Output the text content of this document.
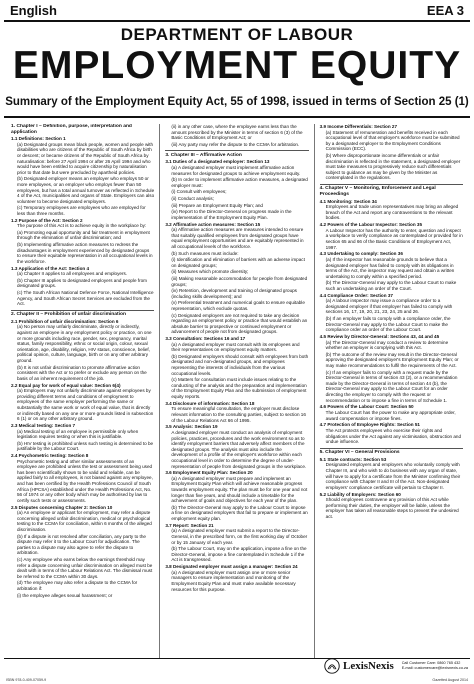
English	EEA 3
DEPARTMENT OF LABOUR
EMPLOYMENT EQUITY
Summary of the Employment Equity Act, 55 of 1998, issued in terms of Section 25 (1)
1. Chapter I – Definition, purpose, interpretation and application
1.1 Definitions: Section 1
(a) Designated groups mean black people, women and people with disabilities who are citizens of the Republic of South Africa by birth or descent; or became citizens of the Republic of South Africa by naturalisation: before 27 April 1994 or after 26 April 1994 and who would have been entitled to acquire citizenship by naturalisation prior to that date but were precluded by apartheid policies.
(b) Designated employer means an employer who employs 50 or more employees, or an employer who employs fewer than 50 employees, but has a total annual turnover as reflected in Schedule 4 of the Act, municipalities and organs of State. Employers can also volunteer to become designated employers.
(c) Temporary employees are employees who are employed for less than three months.
1.2 Purpose of the Act: Section 2
The purpose of this Act is to achieve equity in the workplace by:
(a) Promoting equal opportunity and fair treatment in employment through the elimination of unfair discrimination; and
(b) Implementing affirmative action measures to redress the disadvantages in employment experienced by designated groups to ensure their equitable representation in all occupational levels in the workforce.
1.3 Application of the Act: Section 4
(a) Chapter II applies to all employees and employers.
(b) Chapter III applies to designated employers and people from designated groups.
(c) The South African National Defence Force, National Intelligence Agency, and South African Secret Services are excluded from the Act.
2. Chapter II – Prohibition of unfair discrimination
2.1 Prohibition of unfair discrimination: Section 6
(a) No person may unfairly discriminate, directly or indirectly, against an employee in any employment policy or practice, on one or more grounds including race, gender, sex, pregnancy, marital status, family responsibility, ethnic or social origin, colour, sexual orientation, age, disability, religion, HIV status, conscience, belief, political opinion, culture, language, birth or on any other arbitrary ground.
(b) It is not unfair discrimination to promote affirmative action consistent with the Act or to prefer or exclude any person on the basis of an inherent requirement of the job.
2.2 Equal pay for work of equal value: Section 6(4)
(a) Employers may not unfairly discriminate against employees by providing different terms and conditions of employment to employees of the same employer performing the same or substantially the same work or work of equal value, that is directly or indirectly based on any one or more grounds listed in subsection 6 (1) or on any other arbitrary ground.
2.3 Medical testing: Section 7
(a) Medical testing of an employee is permissible only when legislation requires testing or when this is justifiable.
(b) HIV testing is prohibited unless such testing is determined to be justifiable by the Labour Court.
2.4 Psychometric testing: Section 8
Psychometric testing and other similar assessments of an employee are prohibited unless the test or assessment being used has been scientifically shown to be valid and reliable, can be applied fairly to all employees, is not biased against any employee, and has been certified by the Health Professions Council of South Africa (HPCSA) established under the Health Professions Act, No. 56 of 1974 or any other body which may be authorised by law to certify such tests or assessments.
2.5 Disputes concerning Chapter 2: Section 10
(a) An employee or applicant for employment, may refer a dispute concerning alleged unfair discrimination, medical or psychological testing to the CCMA for conciliation, within 6 months of the alleged discrimination.
(b) If a dispute is not resolved after conciliation, any party to the dispute may refer it to the Labour Court for adjudication. The parties to a dispute may also agree to refer the dispute to arbitration.
(c) Any employee who earns below the earnings threshold may refer a dispute concerning unfair discrimination on alleged must be dealt with in terms of the Labour Relations Act. The dismissal must be referred to the CCMA within 30 days.
(d) The employee may also refer a dispute to the CCMA for arbitration if:
(i) the employee alleges sexual harassment; or
(ii) in any other case, where the employee earns less than the amount prescribed by the Minister in terms of section 6 (3) of the Basic Conditions of Employment Act; or
(iii) Any party may refer the dispute to the CCMA for arbitration.
3. Chapter III – Affirmative Action
3.1 Duties of a designated employer: Section 13
(a) A designated employer must implement affirmative action measures for designated groups to achieve employment equity.
(b) In order to implement affirmative action measures, a designated employer must:
(i) Consult with employees;
(ii) Conduct analysis;
(iii) Prepare an Employment Equity Plan; and
(iv) Report to the Director-General on progress made in the implementation of the Employment Equity Plan.
3.2 Affirmative action measures: Section 15
(a) Affirmative action measures are measures intended to ensure that suitably qualified employees from designated groups have equal employment opportunities and are equitably represented in all occupational levels of the workforce.
(b) Such measures must include:
(i) Identification and elimination of barriers with an adverse impact on designated groups;
(ii) Measures which promote diversity;
(iii) Making reasonable accommodation for people from designated groups;
(iv) Retention, development and training of designated groups (including skills development); and
(v) Preferential treatment and numerical goals to ensure equitable representation, which exclude quotas.
(c) Designated employers are not required to take any decision regarding an employment policy or practice that would establish an absolute barrier to prospective or continued employment or advancement of people not from designated groups.
3.3 Consultation: Sections 16 and 17
(a) A designated employer must consult with its employees and their representatives on employment equity matters.
(b) Designated employers should consult with employees from both designated and non-designated groups, and employees representing the interests of individuals from the various occupational levels.
(c) Matters for consultation must include issues relating to the conducting of the analysis and the preparation and implementation of the Employment Equity Plan and the submission of employment equity reports.
3.4 Disclosure of information: Section 18
To ensure meaningful consultation, the employer must disclose relevant information to the consulting parties, subject to section 16 of the Labour Relations Act 66 of 1995.
3.5 Analysis: Section 19
A designated employer must conduct an analysis of employment policies, practices, procedures and the work environment so as to identify employment barriers that adversely affect members of the designated groups. The analysis must also include the development of a profile of the employer's workforce within each occupational level in order to determine the degree of under-representation of people from designated groups in the workplace.
3.6 Employment Equity Plan: Section 20
(a) A designated employer must prepare and implement an Employment Equity Plan which will achieve reasonable progress towards employment equity. The plan must be for one year and not longer than five years, and should include a timetable for the achievement of goals and objectives for each year of the plan.
(b) The Director-General may apply to the Labour Court to impose a fine on designated employers that fail to prepare or implement an employment equity plan.
3.7 Report: Section 21
(a) A designated employer must submit a report to the Director-General, in the prescribed form, on the first working day of October or by 15 January of each year.
(b) The Labour Court, may on the application, impose a fine on the Director-General, impose a fine contemplated in Schedule 1 if the Act is transgressed.
3.8 Designated employer must assign a manager: Section 24
(a) A designated employer must assign one or more senior managers to ensure implementation and monitoring of the Employment Equity Plan and must make available necessary resources for this purpose.
3.9 Income Differentials: Section 27
(a) Statement of remuneration and benefits received in each occupational level of that employer's workforce must be submitted by a designated employer to the Employment Conditions Commission (ECC).
(b) Where disproportionate income differentials or unfair discrimination is reflected in the statement, a designated employer must take measures to progressively reduce such differentials subject to guidance as may be given by the Minister as contemplated in the regulations.
4. Chapter V – Monitoring, Enforcement and Legal Proceedings
4.1 Monitoring: Section 34
Employees and trade union representatives may bring an alleged breach of the Act and report any contraventions to the relevant bodies.
4.2 Powers of the Labour Inspector: Section 35
A Labour Inspector has the authority to enter, question and inspect a workplace to verify compliance as contemplated or provided for in section 65 and 66 of the Basic Conditions of Employment Act, 1997.
4.3 Undertaking to comply: Section 36
(a) If the inspector has reasonable grounds to believe that a designated employer has failed to comply with its obligations in terms of the Act, the inspector may request and obtain a written undertaking to comply within a specified period.
(b) The Director-General may apply to the Labour Court to make such an undertaking an order of the Court.
4.4 Compliance Order: Section 37
(a) A labour inspector may issue a compliance order to a designated employer if that employer has failed to comply with sections 16, 17, 19, 20, 21, 23, 24, 25 and 26.
(b) If an employer fails to comply with a compliance order, the Director-General may apply to the Labour Court to make the compliance order an order of the Labour Court.
4.5 Review by Director-General: Sections 43, 44 and 45
(a) The Director-General may conduct a review to determine whether an employer is complying with this Act.
(b) The outcome of the review may result in the Director-General approving the designated employer's Employment Equity Plan; or may make recommendations to fulfil the requirements of the Act.
(c) If an employer fails to comply with a request made by the Director-General in terms of section 43 (2), or a recommendation made by the Director-General in terms of section 44 (b), the Director-General may apply to the Labour Court for an order directing the employer to comply with the request or recommendation or to impose a fine in terms of Schedule 1.
4.6 Powers of the Labour Court: Section 50
The Labour Court has the power to make any appropriate order, award compensation or impose fines.
4.7 Protection of Employee Rights: Section 51
The Act protects employees who exercise their rights and obligations under the Act against any victimisation, obstruction and undue influence.
5. Chapter VI – General Provisions
5.1 State contracts: Section 53
Designated employers and employers who voluntarily comply with Chapter III, and who wish to do business with any organ of state, will have to apply for a certificate from the Minister confirming their compliance with Chapter II and III of the Act. Non-designated employers' compliance certificate will pertain to Chapter II.
5.2 Liability of Employers: Section 60
Should employees contravene any provision of this Act while performing their duties, the employer will be liable, unless the employer has taken all reasonable steps to prevent the undesired act.
LexisNexis Call Customer Care: 0860 765 432
E-mail: customercare@lexisnexis.co.za
ISBN 978-0-409-07059-9	Gazetted August 2014
